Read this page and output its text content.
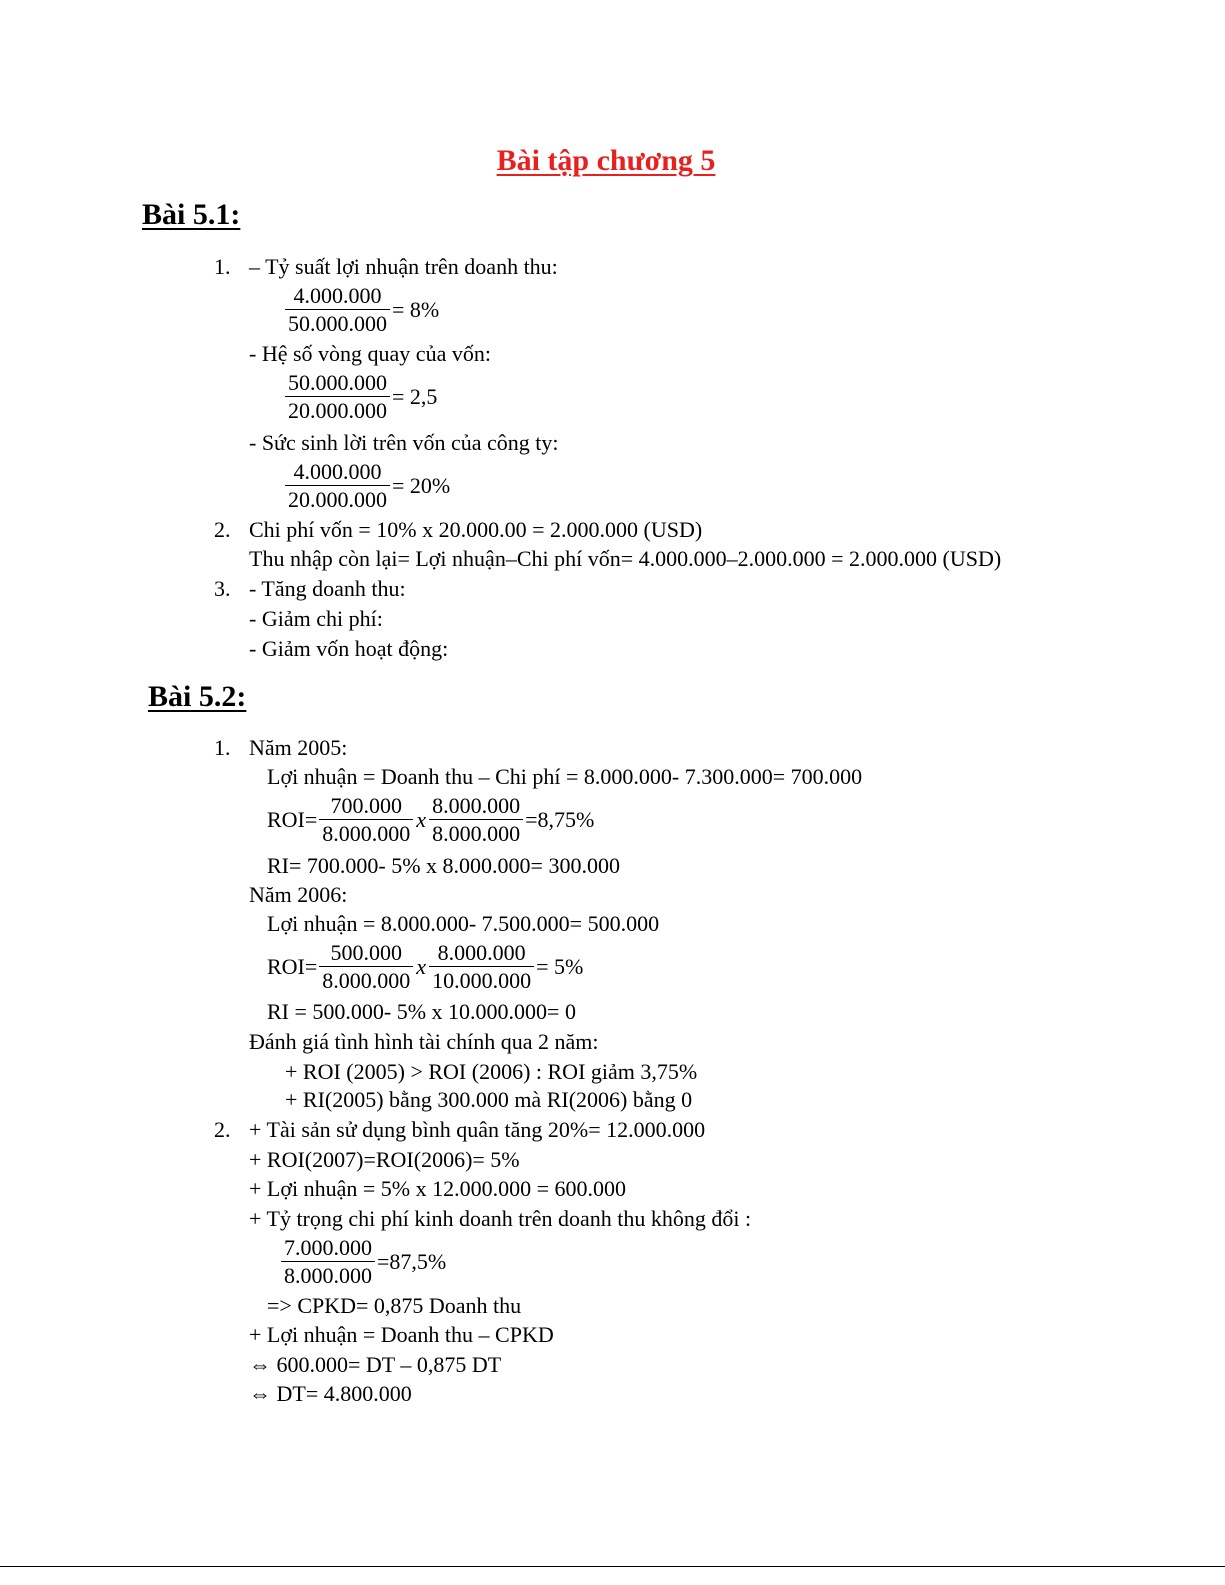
Bài tập chương 5
Bài 5.1:
1. – Tỷ suất lợi nhuận trên doanh thu:
$\frac{4.000.000}{50.000.000} = 8\%$
- Hệ số vòng quay của vốn:
$\frac{50.000.000}{20.000.000} = 2,5$
- Sức sinh lời trên vốn của công ty:
$\frac{4.000.000}{20.000.000} = 20\%$
2. Chi phí vốn = 10% x 20.000.00 = 2.000.000 (USD)
Thu nhập còn lại= Lợi nhuận–Chi phí vốn= 4.000.000–2.000.000 = 2.000.000 (USD)
3. - Tăng doanh thu:
- Giảm chi phí:
- Giảm vốn hoạt động:
Bài 5.2:
1. Năm 2005:
Lợi nhuận = Doanh thu – Chi phí = 8.000.000- 7.300.000= 700.000
$ROI= \frac{700.000}{8.000.000}$ x $\frac{8.000.000}{8.000.000} =8,75\%$
RI= 700.000- 5% x 8.000.000= 300.000
Năm 2006:
Lợi nhuận = 8.000.000- 7.500.000= 500.000
$ROI= \frac{500.000}{8.000.000}$ x $\frac{8.000.000}{10.000.000} = 5\%$
RI = 500.000- 5% x 10.000.000= 0
Đánh giá tình hình tài chính qua 2 năm:
+ ROI (2005) > ROI (2006) : ROI giảm 3,75%
+ RI(2005) bằng 300.000 mà RI(2006) bằng 0
2. + Tài sản sử dụng bình quân tăng 20%= 12.000.000
+ ROI(2007)=ROI(2006)= 5%
+ Lợi nhuận = 5% x 12.000.000 = 600.000
+ Tỷ trọng chi phí kinh doanh trên doanh thu không đổi :
$\frac{7.000.000}{8.000.000} =87,5\%$
=> CPKD= 0,875 Doanh thu
+ Lợi nhuận = Doanh thu – CPKD
⇔ 600.000= DT – 0,875 DT
⇔ DT= 4.800.000
